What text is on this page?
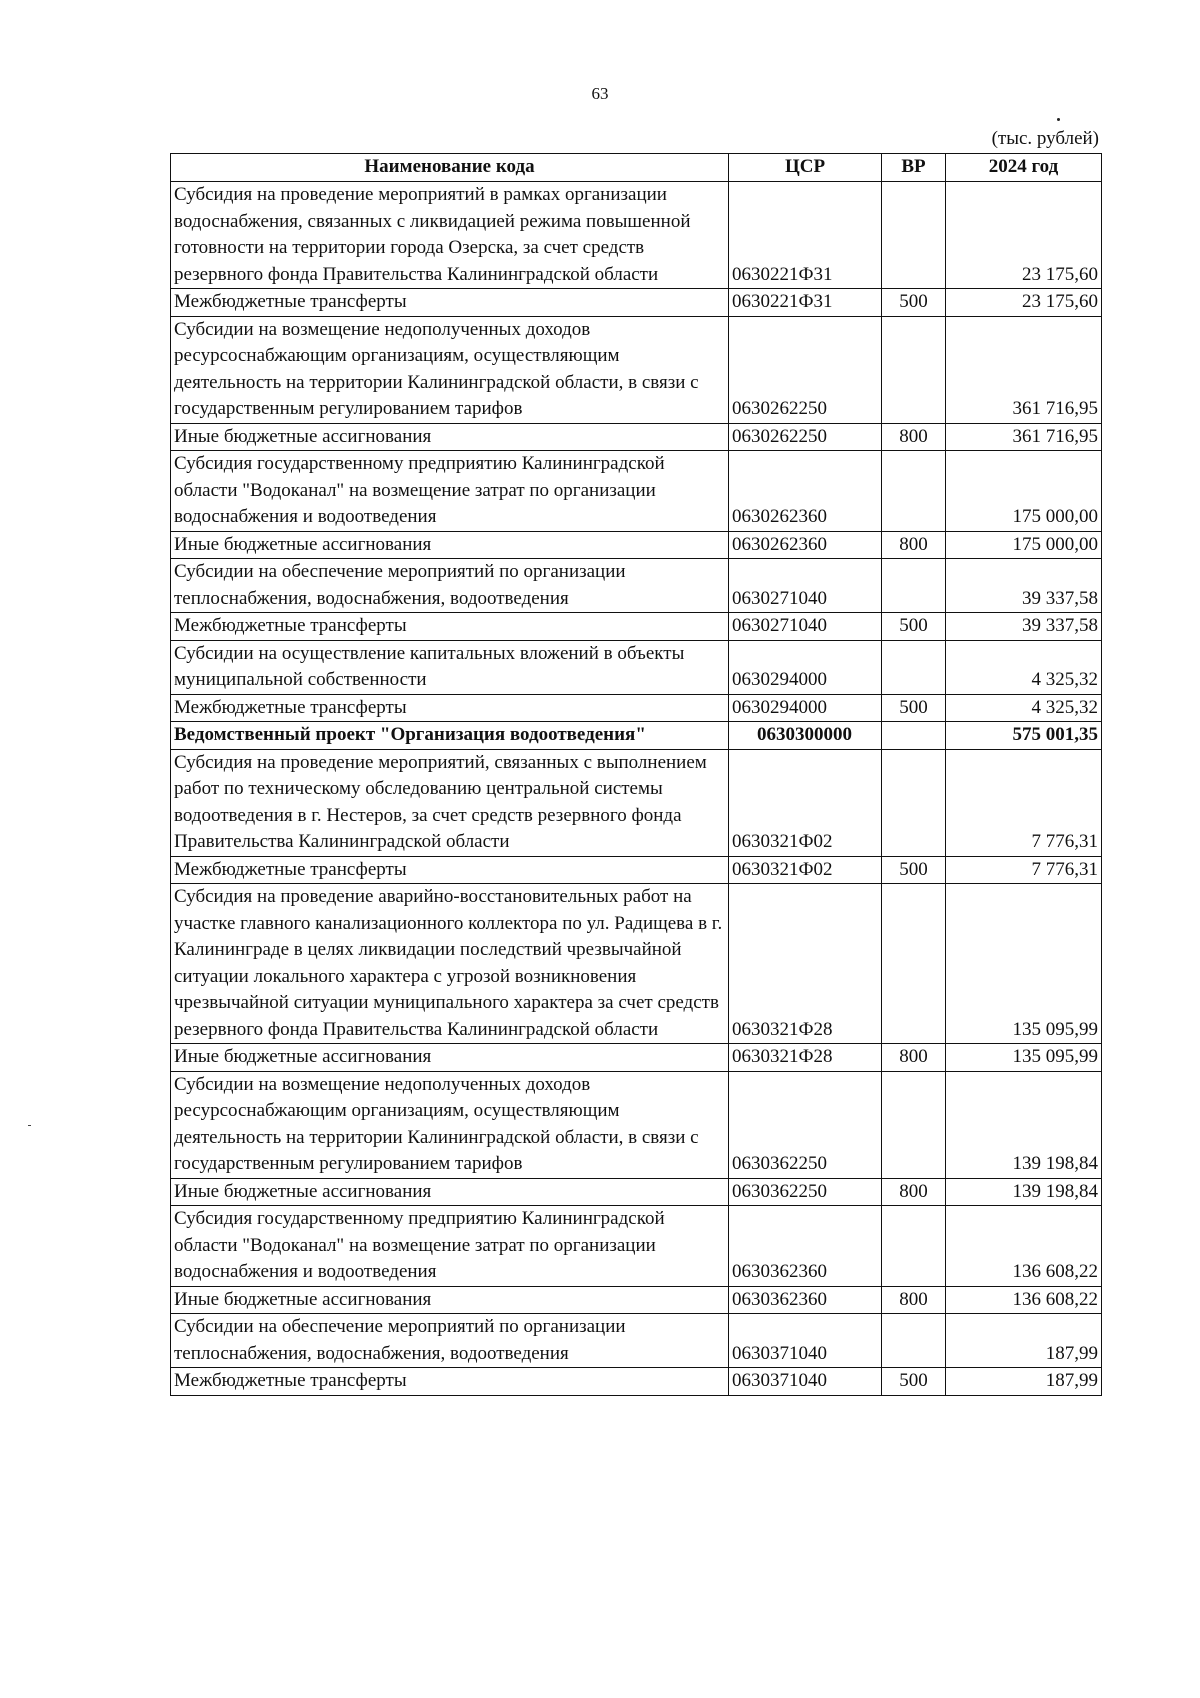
63
(тыс. рублей)
Наименование кода	ЦСР	ВР	2024 год
Субсидия на проведение мероприятий в рамках организации водоснабжения, связанных с ликвидацией режима повышенной готовности на территории города Озерска, за счет средств резервного фонда Правительства Калининградской области	0630221Ф31		23 175,60
Межбюджетные трансферты	0630221Ф31	500	23 175,60
Субсидии на возмещение недополученных доходов ресурсоснабжающим организациям, осуществляющим деятельность на территории Калининградской области, в связи с государственным регулированием тарифов	0630262250		361 716,95
Иные бюджетные ассигнования	0630262250	800	361 716,95
Субсидия государственному предприятию Калининградской области "Водоканал" на возмещение затрат по организации водоснабжения и водоотведения	0630262360		175 000,00
Иные бюджетные ассигнования	0630262360	800	175 000,00
Субсидии на обеспечение мероприятий по организации теплоснабжения, водоснабжения, водоотведения	0630271040		39 337,58
Межбюджетные трансферты	0630271040	500	39 337,58
Субсидии на осуществление капитальных вложений в объекты муниципальной собственности	0630294000		4 325,32
Межбюджетные трансферты	0630294000	500	4 325,32
Ведомственный проект "Организация водоотведения"	0630300000		575 001,35
Субсидия на проведение мероприятий, связанных с выполнением работ по техническому обследованию центральной системы водоотведения в г. Нестеров, за счет средств резервного фонда Правительства Калининградской области	0630321Ф02		7 776,31
Межбюджетные трансферты	0630321Ф02	500	7 776,31
Субсидия на проведение аварийно-восстановительных работ на участке главного канализационного коллектора по ул. Радищева в г. Калининграде в целях ликвидации последствий чрезвычайной ситуации локального характера с угрозой возникновения чрезвычайной ситуации муниципального характера за счет средств резервного фонда Правительства Калининградской области	0630321Ф28		135 095,99
Иные бюджетные ассигнования	0630321Ф28	800	135 095,99
Субсидии на возмещение недополученных доходов ресурсоснабжающим организациям, осуществляющим деятельность на территории Калининградской области, в связи с государственным регулированием тарифов	0630362250		139 198,84
Иные бюджетные ассигнования	0630362250	800	139 198,84
Субсидия государственному предприятию Калининградской области "Водоканал" на возмещение затрат по организации водоснабжения и водоотведения	0630362360		136 608,22
Иные бюджетные ассигнования	0630362360	800	136 608,22
Субсидии на обеспечение мероприятий по организации теплоснабжения, водоснабжения, водоотведения	0630371040		187,99
Межбюджетные трансферты	0630371040	500	187,99
